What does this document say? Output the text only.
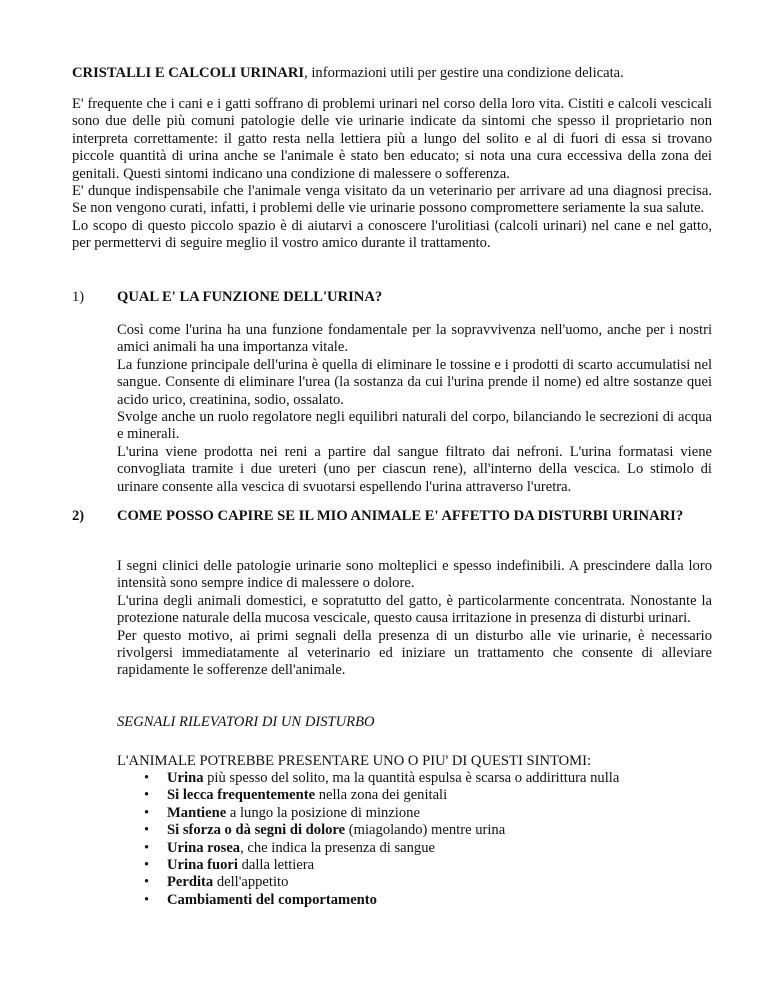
CRISTALLI E CALCOLI URINARI, informazioni utili per gestire una condizione delicata.

E' frequente che i cani e i gatti soffrano di problemi urinari nel corso della loro vita. Cistiti e calcoli vescicali sono due delle più comuni patologie delle vie urinarie indicate da sintomi che spesso il proprietario non interpreta correttamente: il gatto resta nella lettiera più a lungo del solito e al di fuori di essa si trovano piccole quantità di urina anche se l'animale è stato ben educato; si nota una cura eccessiva della zona dei genitali. Questi sintomi indicano una condizione di malessere o sofferenza.
E' dunque indispensabile che l'animale venga visitato da un veterinario per arrivare ad una diagnosi precisa. Se non vengono curati, infatti, i problemi delle vie urinarie possono compromettere seriamente la sua salute.
Lo scopo di questo piccolo spazio è di aiutarvi a conoscere l'urolitiasi (calcoli urinari) nel cane e nel gatto, per permettervi di seguire meglio il vostro amico durante il trattamento.

1) QUAL E' LA FUNZIONE DELL'URINA?

Così come l'urina ha una funzione fondamentale per la sopravvivenza nell'uomo, anche per i nostri amici animali ha una importanza vitale.
La funzione principale dell'urina è quella di eliminare le tossine e i prodotti di scarto accumulatisi nel sangue. Consente di eliminare l'urea (la sostanza da cui l'urina prende il nome) ed altre sostanze quei acido urico, creatinina, sodio, ossalato.
Svolge anche un ruolo regolatore negli equilibri naturali del corpo, bilanciando le secrezioni di acqua e minerali.
L'urina viene prodotta nei reni a partire dal sangue filtrato dai nefroni. L'urina formatasi viene convogliata tramite i due ureteri (uno per ciascun rene), all'interno della vescica. Lo stimolo di urinare consente alla vescica di svuotarsi espellendo l'urina attraverso l'uretra.

2) COME POSSO CAPIRE SE IL MIO ANIMALE E' AFFETTO DA DISTURBI URINARI?

I segni clinici delle patologie urinarie sono molteplici e spesso indefinibili. A prescindere dalla loro intensità sono sempre indice di malessere o dolore.
L'urina degli animali domestici, e sopratutto del gatto, è particolarmente concentrata. Nonostante la protezione naturale della mucosa vescicale, questo causa irritazione in presenza di disturbi urinari.
Per questo motivo, ai primi segnali della presenza di un disturbo alle vie urinarie, è necessario rivolgersi immediatamente al veterinario ed iniziare un trattamento che consente di alleviare rapidamente le sofferenze dell'animale.

SEGNALI RILEVATORI DI UN DISTURBO

L'ANIMALE POTREBBE PRESENTARE UNO O PIU' DI QUESTI SINTOMI:

• Urina più spesso del solito, ma la quantità espulsa è scarsa o addirittura nulla
• Si lecca frequentemente nella zona dei genitali
• Mantiene a lungo la posizione di minzione
• Si sforza o dà segni di dolore (miagolando) mentre urina
• Urina rosea, che indica la presenza di sangue
• Urina fuori dalla lettiera
• Perdita dell'appetito
• Cambiamenti del comportamento
